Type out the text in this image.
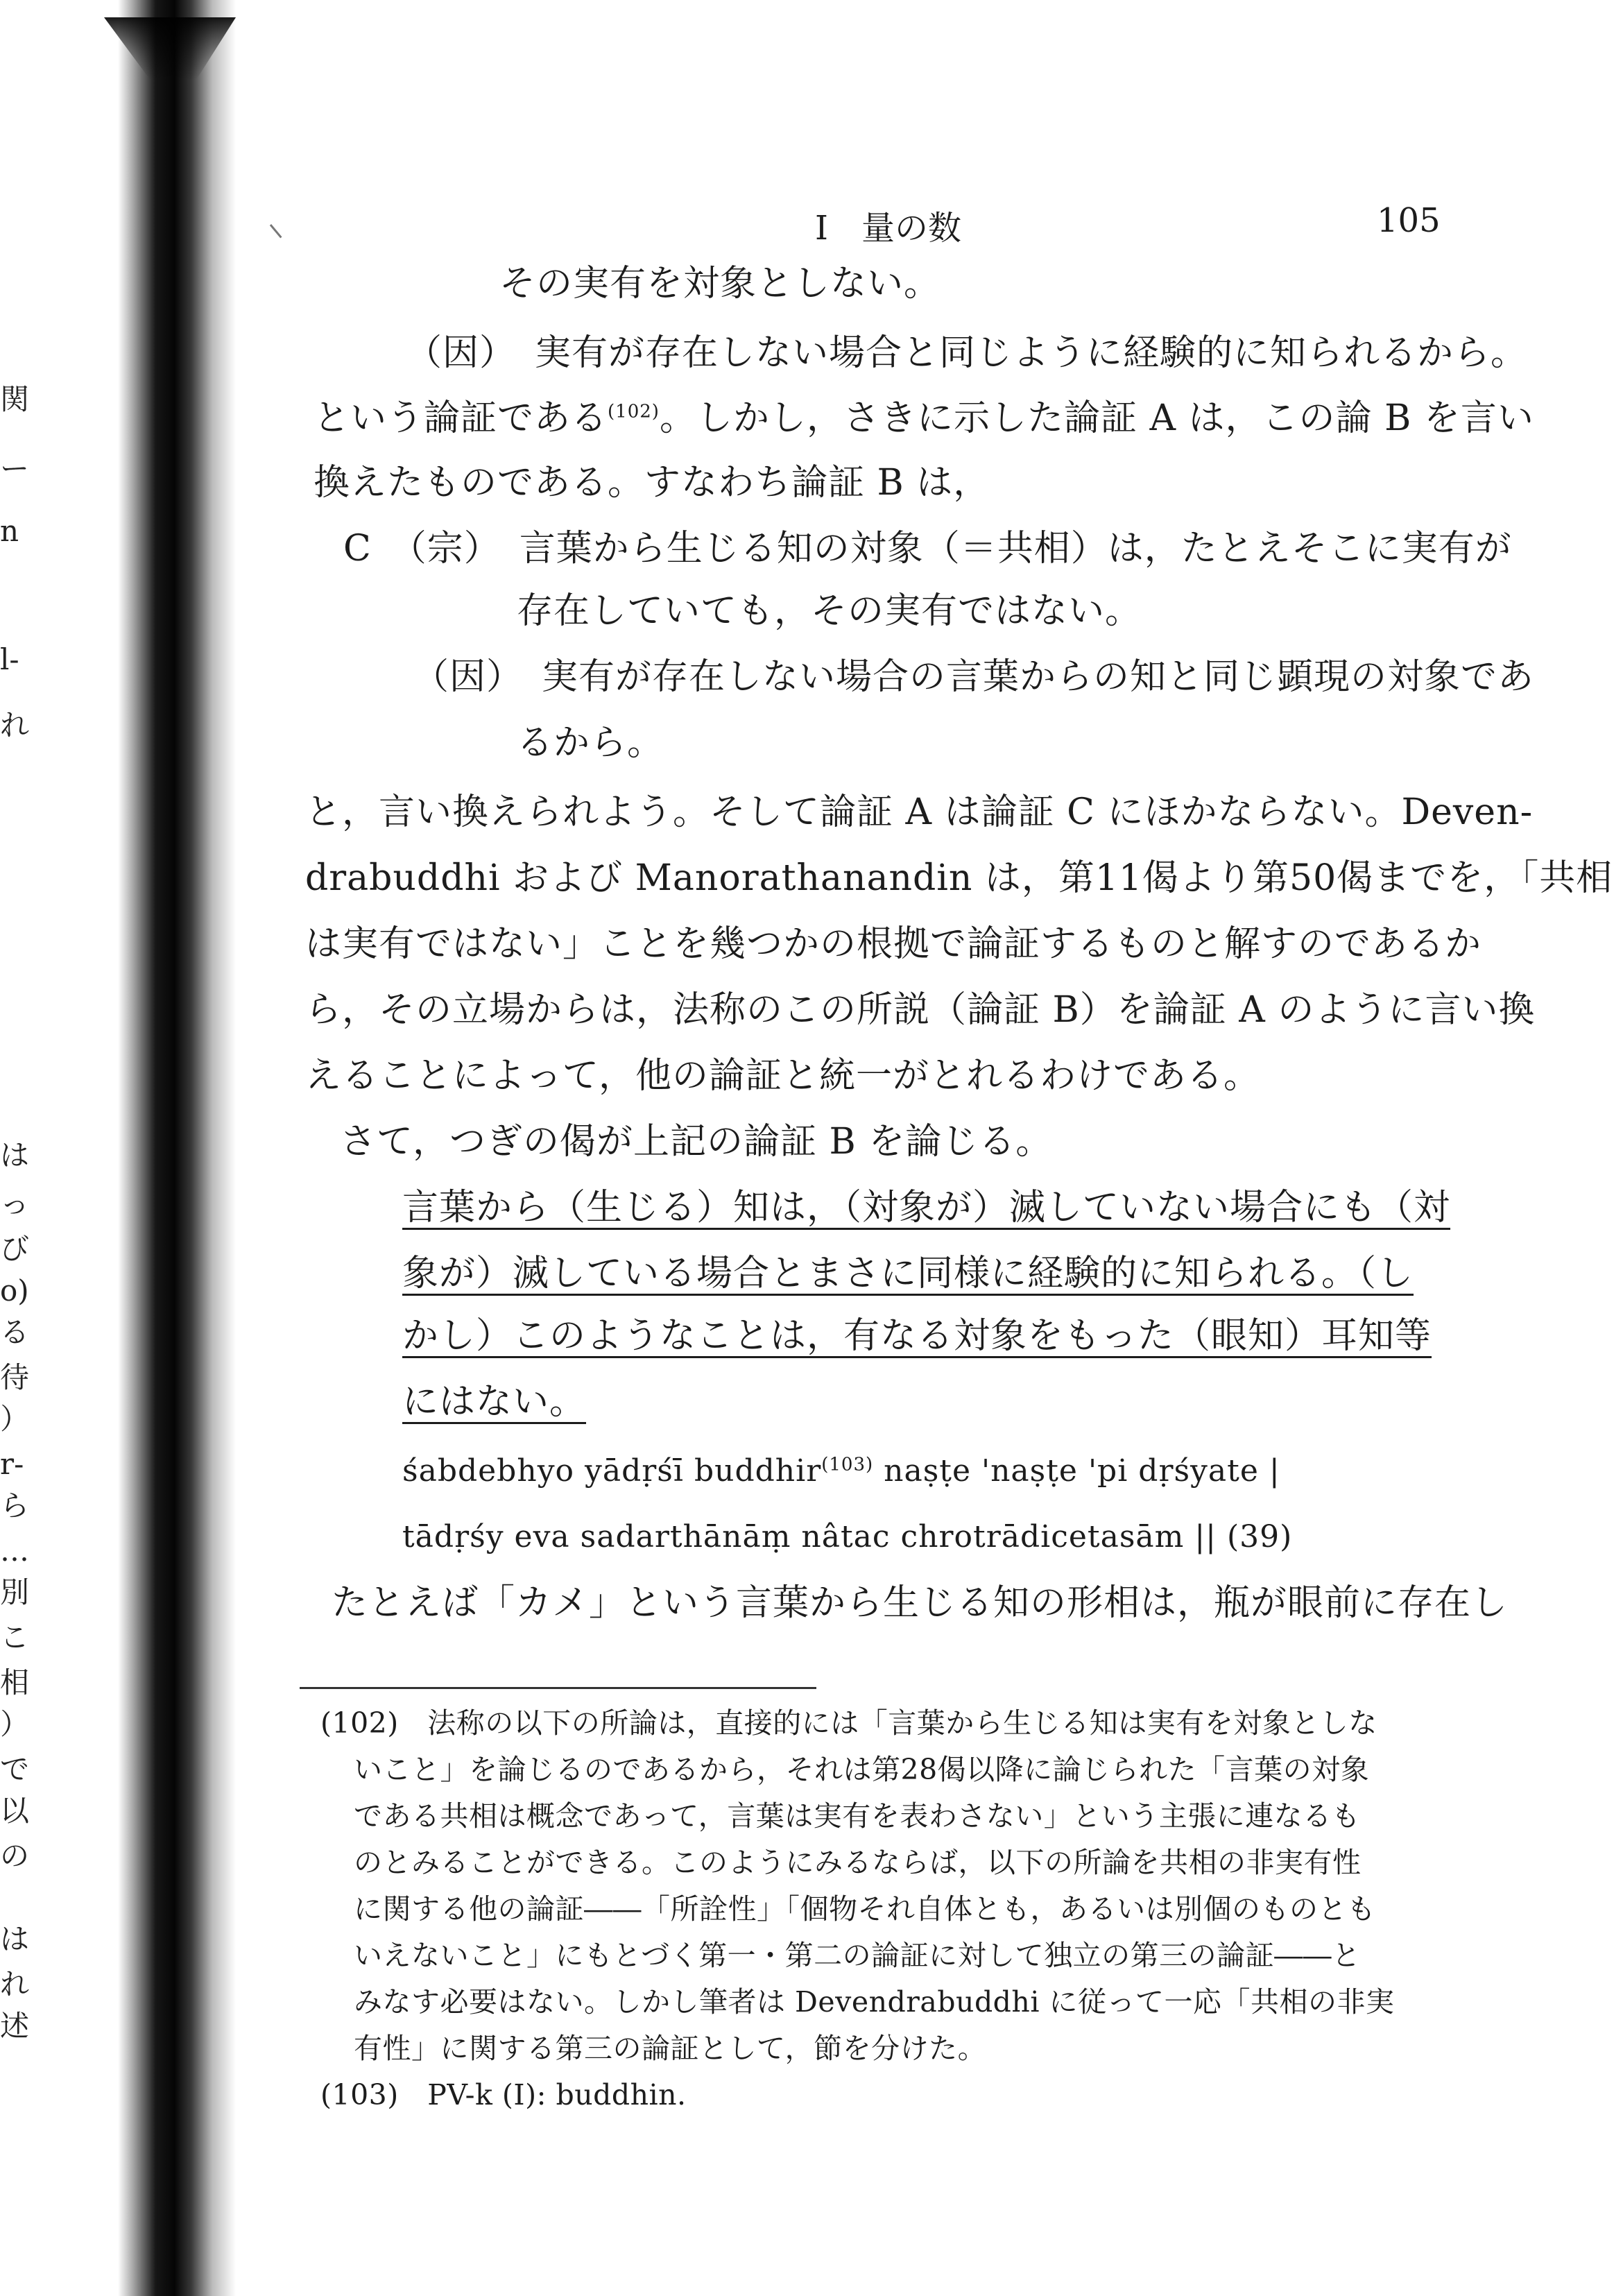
関
ー
n
l-
れ
は
っ
び
o)
る
待
）
r-
ら
…
別
こ
相
）
で
以
の
は
れ
述
I　量の数	105
その実有を対象としない。
（因）　実有が存在しない場合と同じように経験的に知られるから。
という論証である$^{(102)}$。しかし，さきに示した論証 A は，この論 B を言い
換えたものである。すなわち論証 B は，
C　（宗）　言葉から生じる知の対象（＝共相）は，たとえそこに実有が
存在していても，その実有ではない。
（因）　実有が存在しない場合の言葉からの知と同じ顕現の対象であ
るから。
と，言い換えられよう。そして論証 A は論証 C にほかならない。Deven-
drabuddhi および Manorathanandin は，第11偈より第50偈までを，「共相
は実有ではない」ことを幾つかの根拠で論証するものと解すのであるか
ら，その立場からは，法称のこの所説（論証 B）を論証 A のように言い換
えることによって，他の論証と統一がとれるわけである。
さて，つぎの偈が上記の論証 B を論じる。
言葉から（生じる）知は，（対象が）滅していない場合にも（対
象が）滅している場合とまさに同様に経験的に知られる。（し
かし）このようなことは，有なる対象をもった（眼知）耳知等
にはない。
śabdebhyo yādṛśī buddhir$^{(103)}$ naṣṭe 'naṣṭe 'pi dṛśyate |
tādṛśy eva sadarthānāṃ nâtac chrotrādicetasām || (39)
たとえば「カメ」という言葉から生じる知の形相は，瓶が眼前に存在し
(102)　法称の以下の所論は，直接的には「言葉から生じる知は実有を対象としな
いこと」を論じるのであるから，それは第28偈以降に論じられた「言葉の対象
である共相は概念であって，言葉は実有を表わさない」という主張に連なるも
のとみることができる。このようにみるならば，以下の所論を共相の非実有性
に関する他の論証――「所詮性」「個物それ自体とも，あるいは別個のものとも
いえないこと」にもとづく第一・第二の論証に対して独立の第三の論証――と
みなす必要はない。しかし筆者は Devendrabuddhi に従って一応「共相の非実
有性」に関する第三の論証として，節を分けた。
(103)　PV-k (I): buddhin.
